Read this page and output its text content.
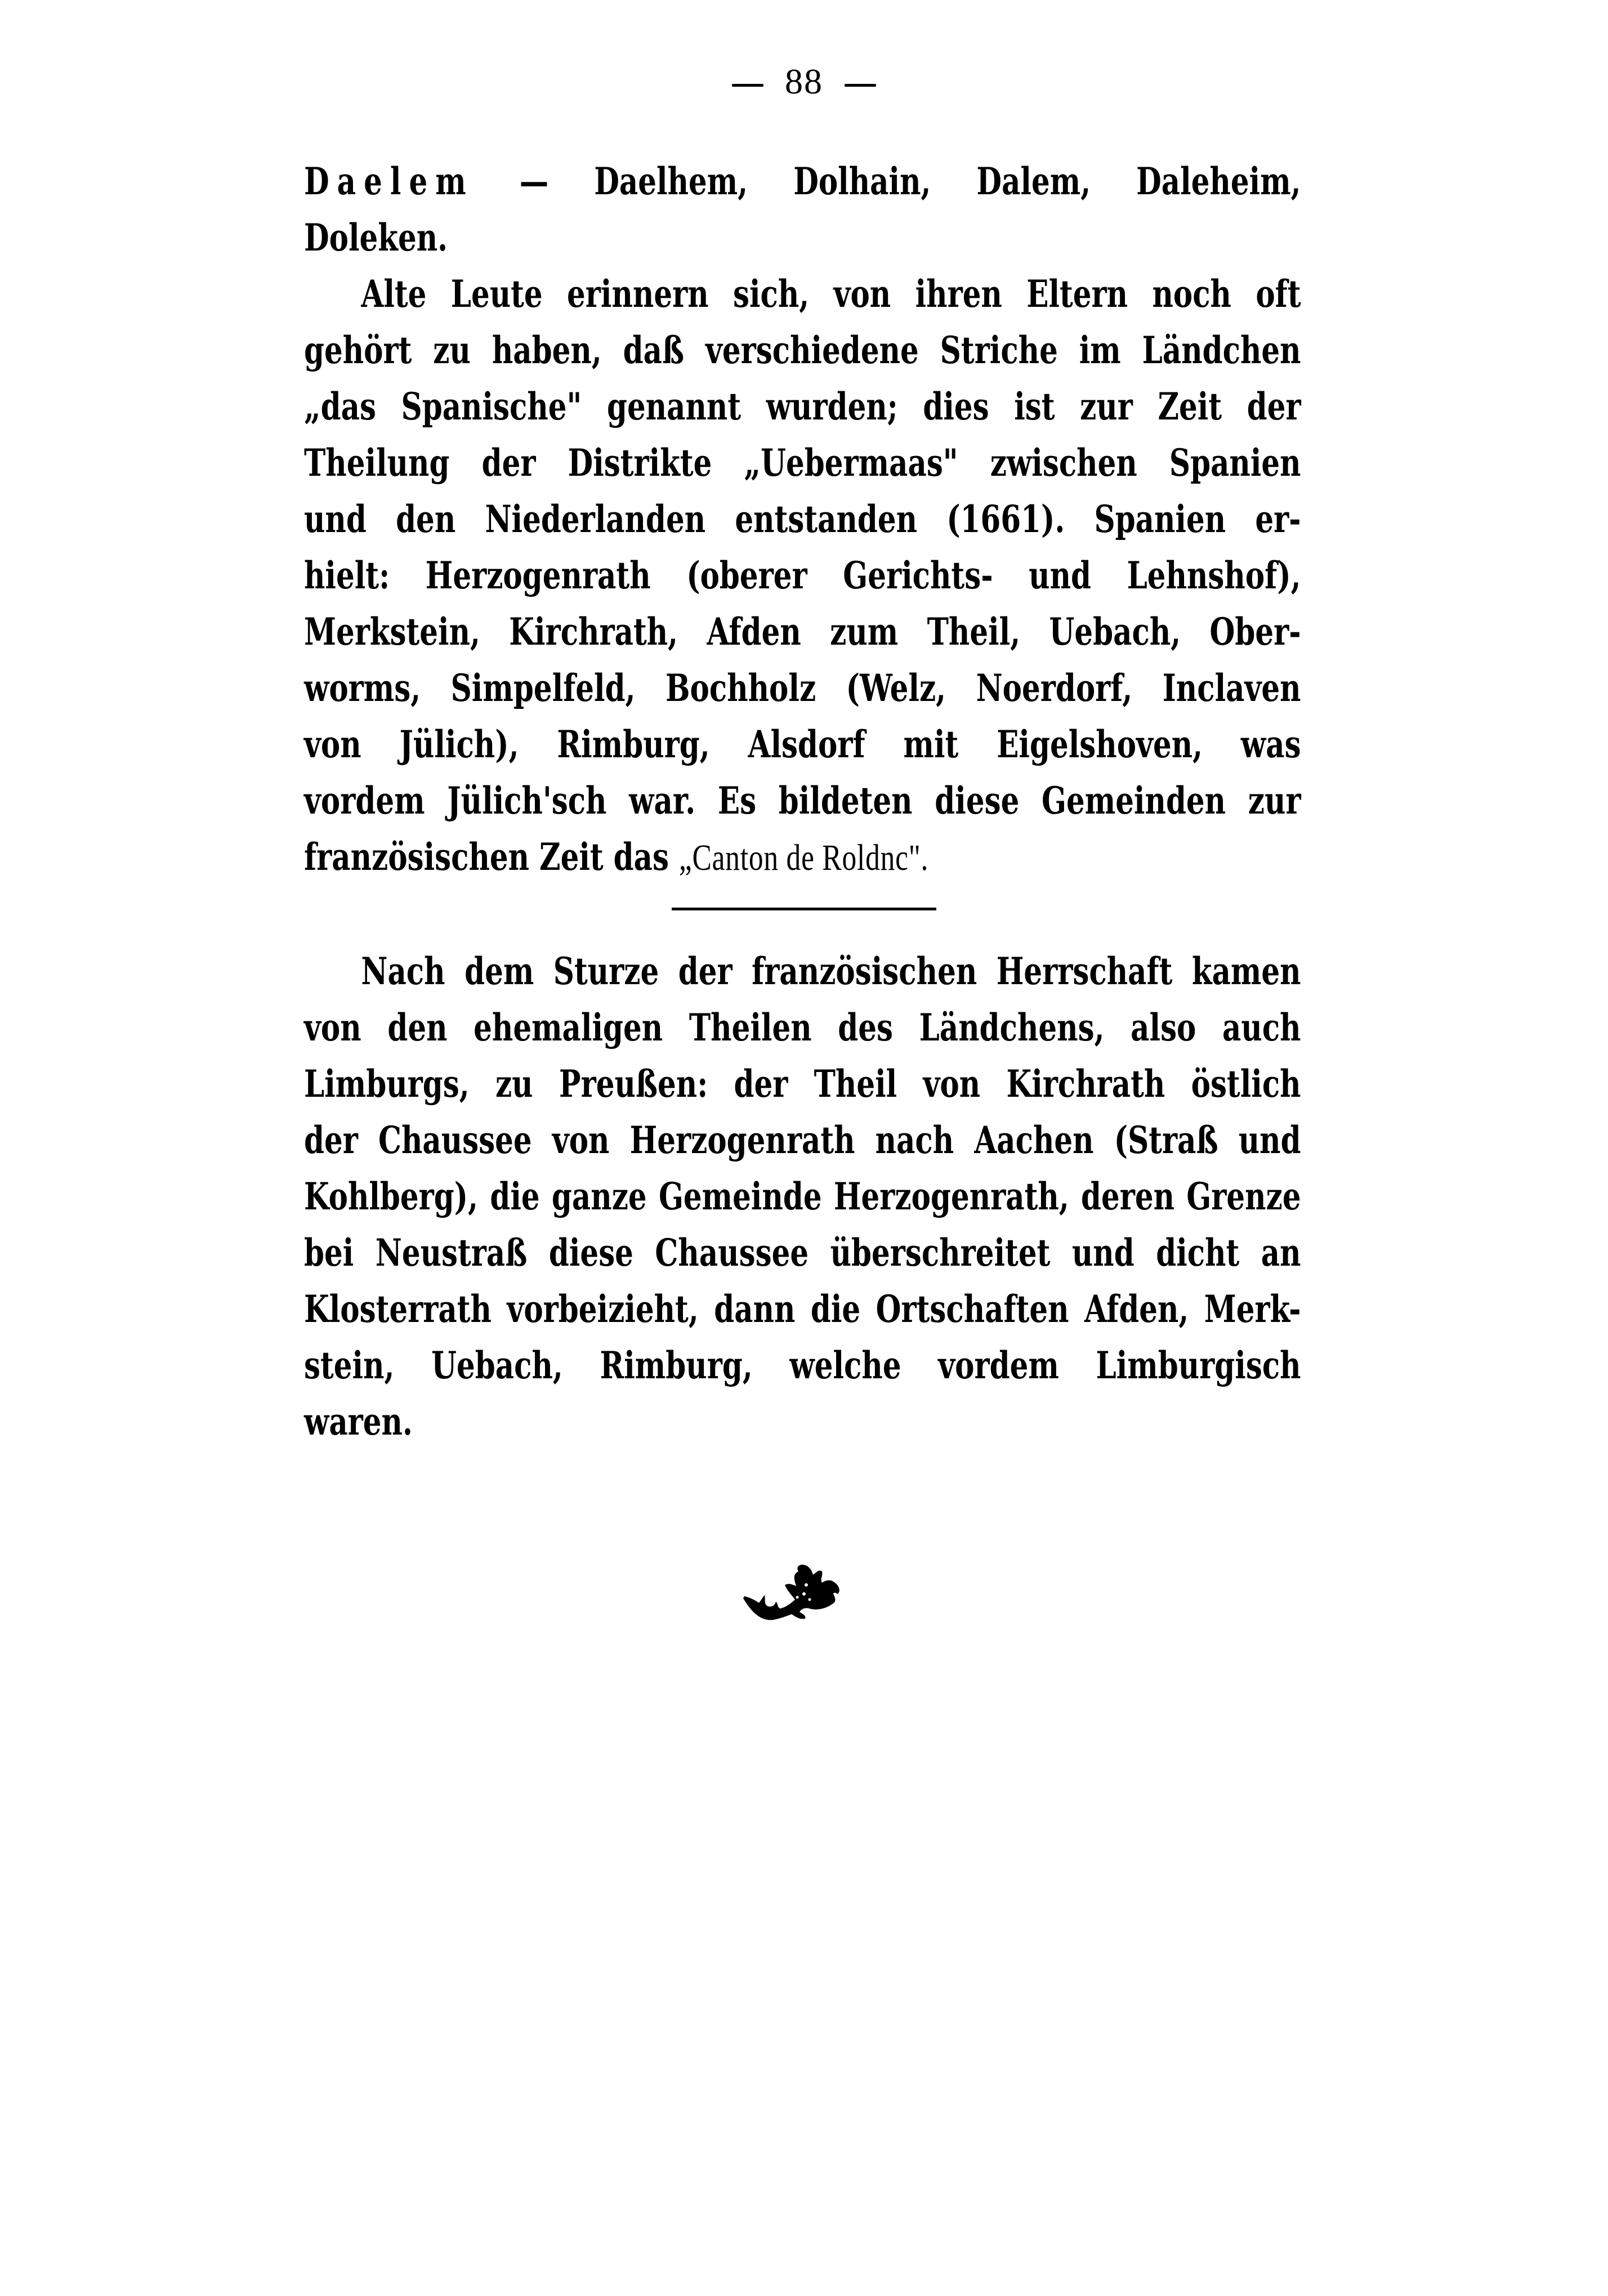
88
Daelem — Daelhem, Dolhain, Dalem, Daleheim,
Doleken.
Alte Leute erinnern sich, von ihren Eltern noch oft
gehört zu haben, daß verschiedene Striche im Ländchen
„das Spanische" genannt wurden; dies ist zur Zeit der
Theilung der Distrikte „Uebermaas" zwischen Spanien
und den Niederlanden entstanden (1661). Spanien er-
hielt: Herzogenrath (oberer Gerichts- und Lehnshof),
Merkstein, Kirchrath, Afden zum Theil, Uebach, Ober-
worms, Simpelfeld, Bochholz (Welz, Noerdorf, Inclaven
von Jülich), Rimburg, Alsdorf mit Eigelshoven, was
vordem Jülich'sch war. Es bildeten diese Gemeinden zur
französischen Zeit das „Canton de Roldnc".
Nach dem Sturze der französischen Herrschaft kamen
von den ehemaligen Theilen des Ländchens, also auch
Limburgs, zu Preußen: der Theil von Kirchrath östlich
der Chaussee von Herzogenrath nach Aachen (Straß und
Kohlberg), die ganze Gemeinde Herzogenrath, deren Grenze
bei Neustraß diese Chaussee überschreitet und dicht an
Klosterrath vorbeizieht, dann die Ortschaften Afden, Merk-
stein, Uebach, Rimburg, welche vordem Limburgisch
waren.
